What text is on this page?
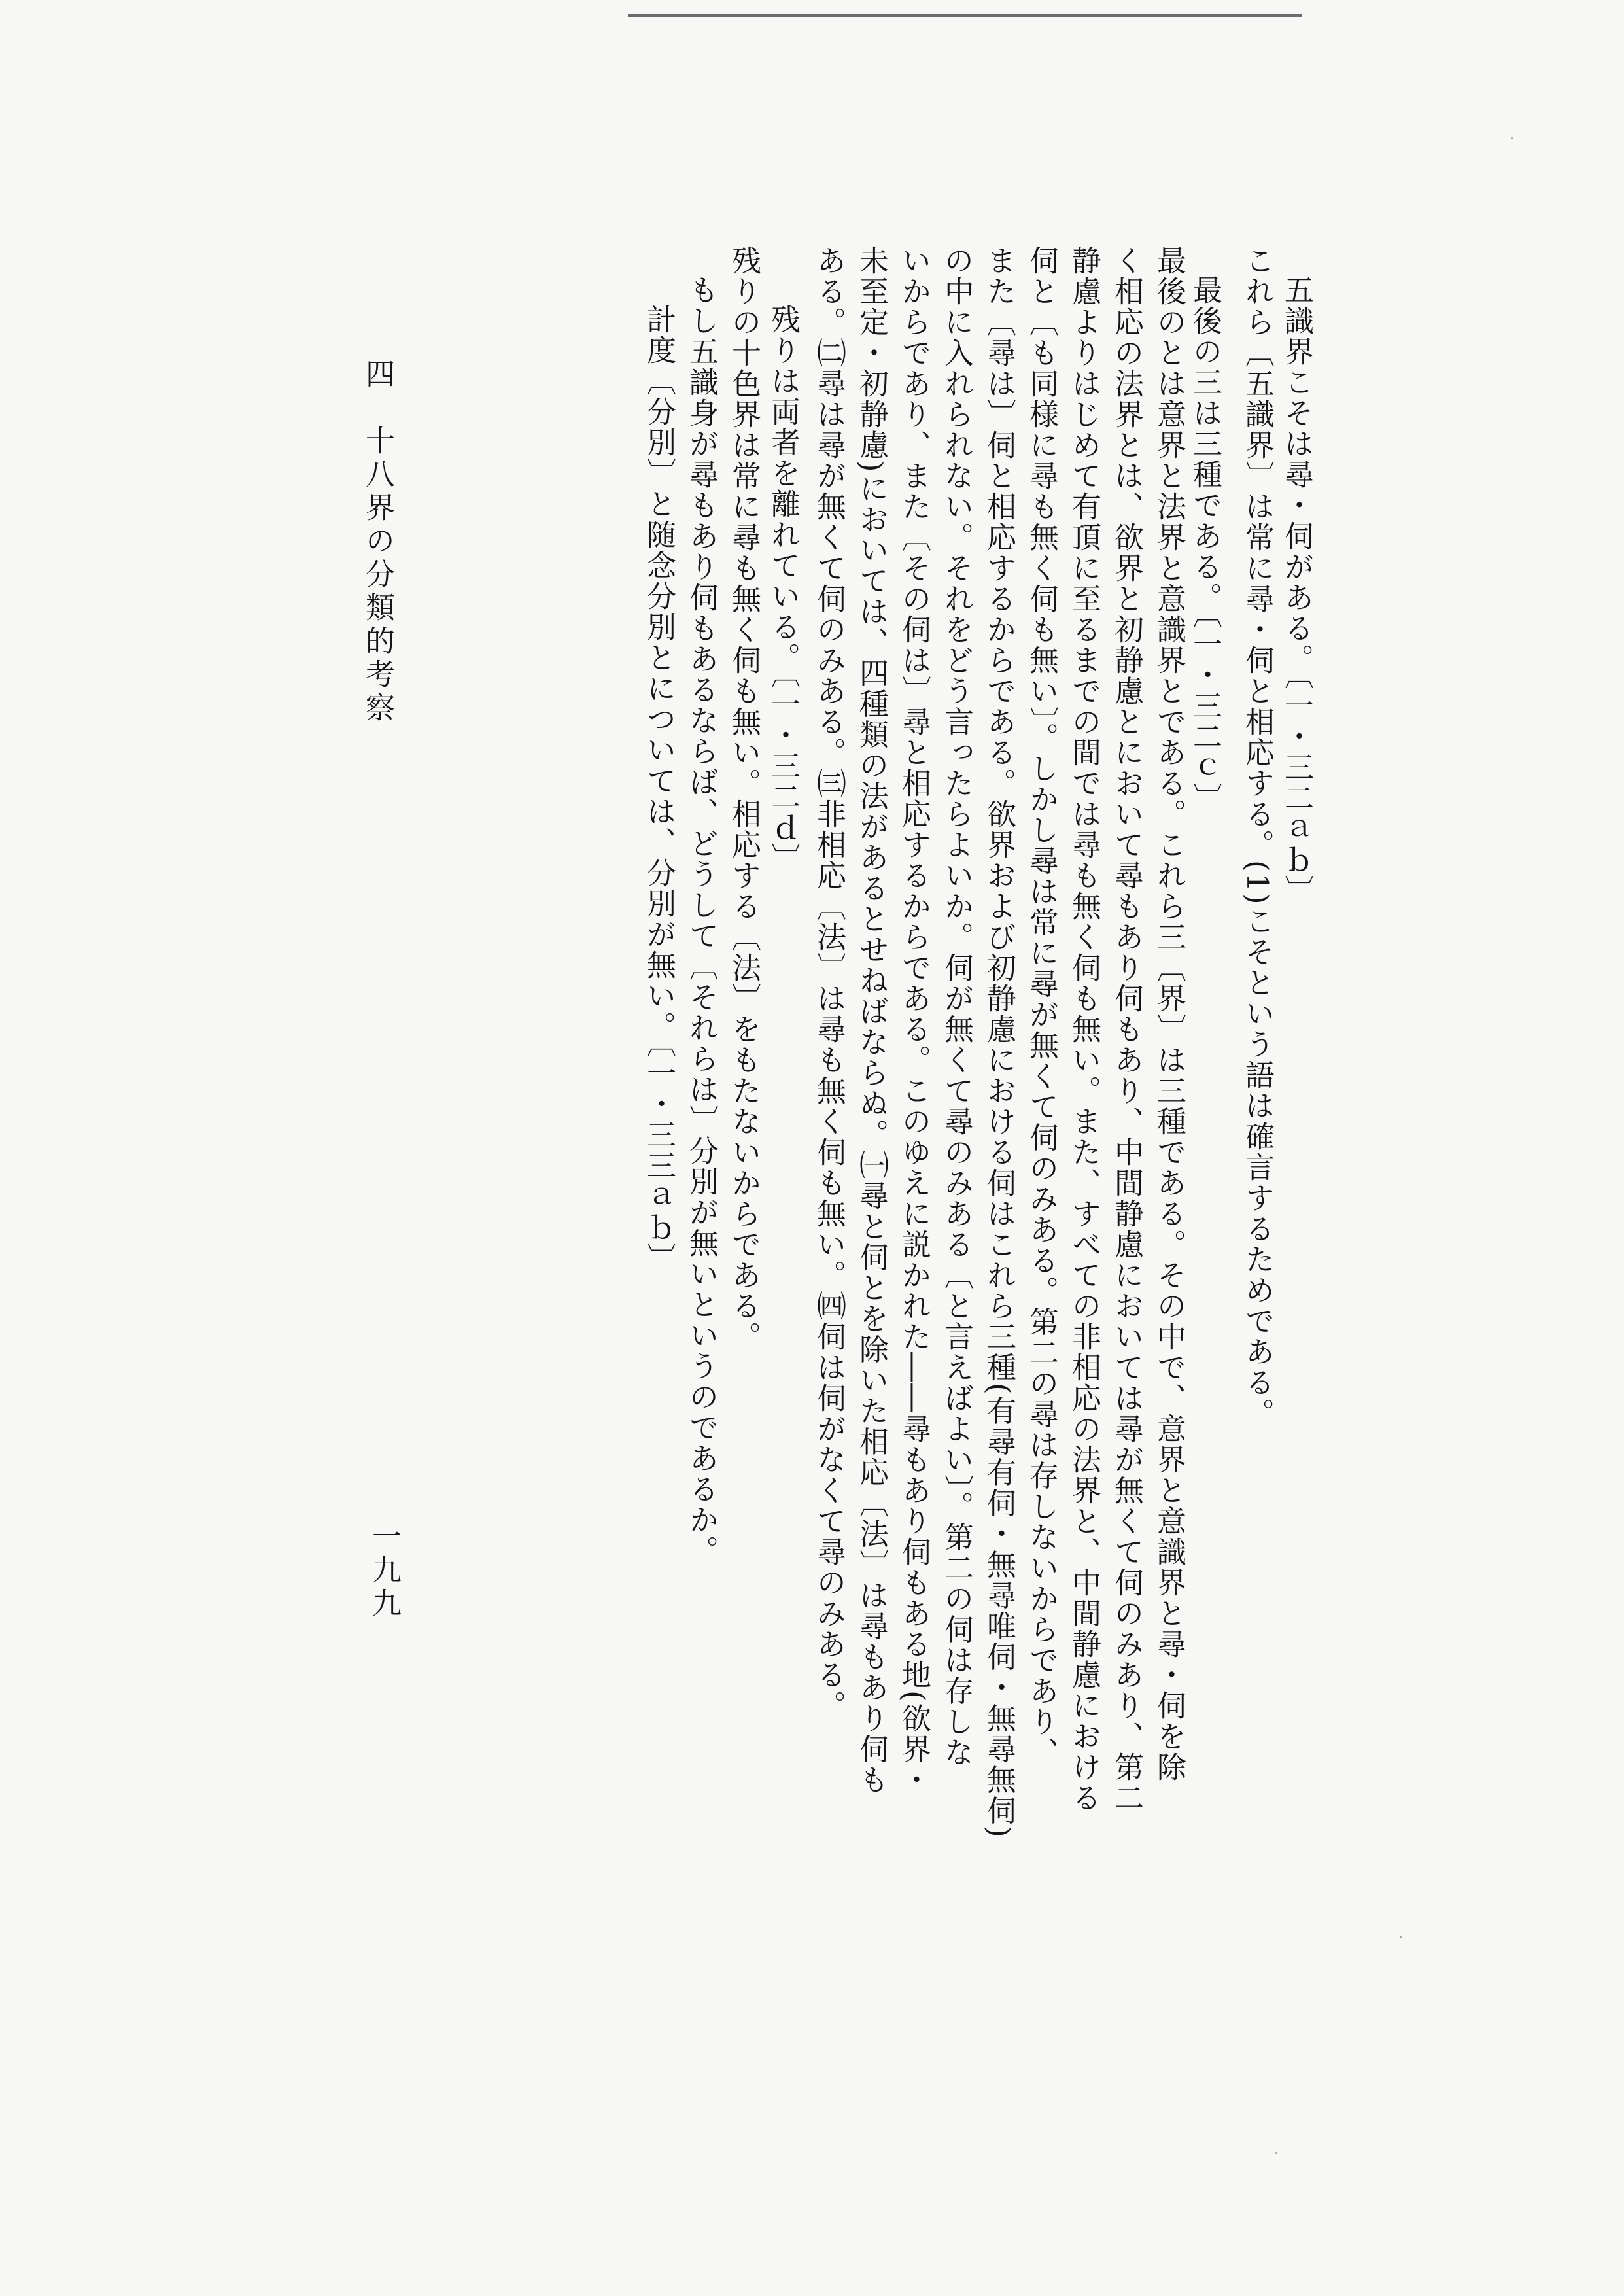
五識界こそは尋・伺がある。〔一・三二ａｂ〕
これら〔五識界〕は常に尋・伺と相応する。(1)こそという語は確言するためである。
最後の三は三種である。〔一・三二ｃ〕
最後のとは意界と法界と意識界とである。これら三〔界〕は三種である。その中で、意界と意識界と尋・伺を除
く相応の法界とは、欲界と初静慮とにおいて尋もあり伺もあり、中間静慮においては尋が無くて伺のみあり、第二
静慮よりはじめて有頂に至るまでの間では尋も無く伺も無い。また、すべての非相応の法界と、中間静慮における
伺と〔も同様に尋も無く伺も無い〕。しかし尋は常に尋が無くて伺のみある。第二の尋は存しないからであり、
また〔尋は〕伺と相応するからである。欲界および初静慮における伺はこれら三種(有尋有伺・無尋唯伺・無尋無伺)
の中に入れられない。それをどう言ったらよいか。伺が無くて尋のみある〔と言えばよい〕。第二の伺は存しな
いからであり、また〔その伺は〕尋と相応するからである。このゆえに説かれた――尋もあり伺もある地(欲界・
未至定・初静慮)においては、四種類の法があるとせねばならぬ。㈠尋と伺とを除いた相応〔法〕は尋もあり伺も
ある。㈡尋は尋が無くて伺のみある。㈢非相応〔法〕は尋も無く伺も無い。㈣伺は伺がなくて尋のみある。
残りは両者を離れている。〔一・三二ｄ〕
残りの十色界は常に尋も無く伺も無い。相応する〔法〕をもたないからである。
もし五識身が尋もあり伺もあるならば、どうして〔それらは〕分別が無いというのであるか。
計度〔分別〕と随念分別とについては、分別が無い。〔一・三三ａｂ〕
四　十八界の分類的考察
一九九
